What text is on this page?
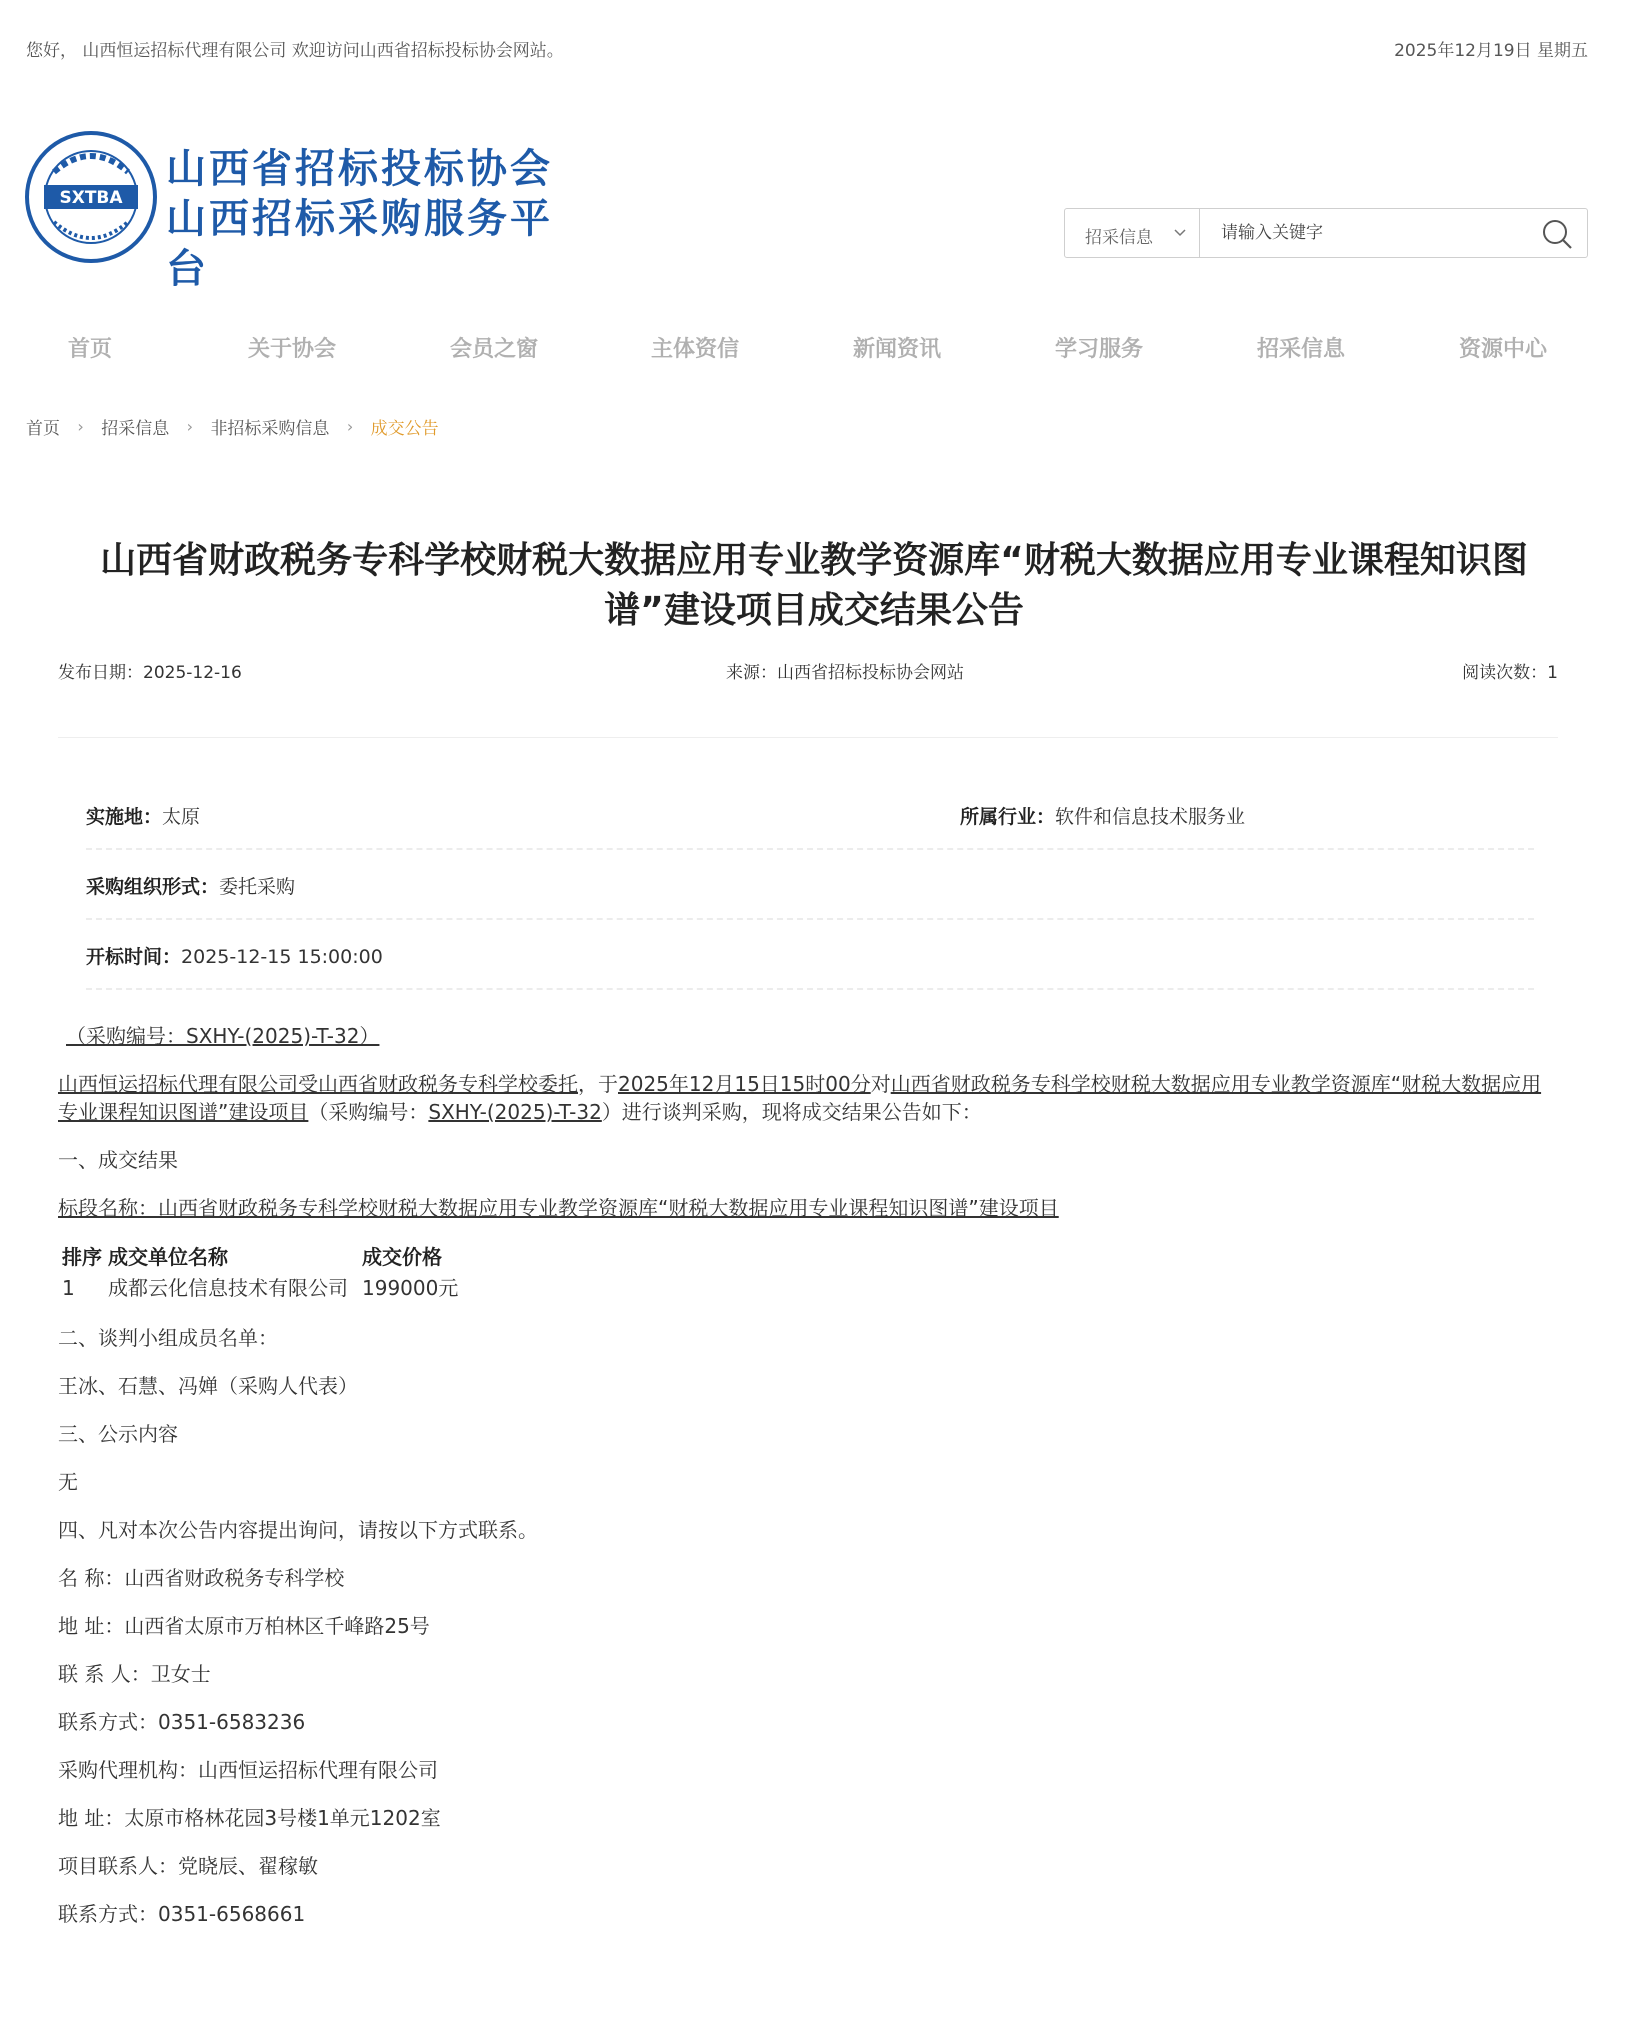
您好， 山西恒运招标代理有限公司 欢迎访问山西省招标投标协会网站。	2025年12月19日 星期五
SXTBA
山西省招标投标协会
山西招标采购服务平台
招采信息
请输入关键字
首页	关于协会	会员之窗	主体资信	新闻资讯	学习服务	招采信息	资源中心
首页 › 招采信息 › 非招标采购信息 › 成交公告
山西省财政税务专科学校财税大数据应用专业教学资源库“财税大数据应用专业课程知识图谱”建设项目成交结果公告
发布日期：2025-12-16	来源：山西省招标投标协会网站	阅读次数：1
实施地：太原	所属行业：软件和信息技术服务业
采购组织形式：委托采购
开标时间：2025-12-15 15:00:00

（采购编号：SXHY-(2025)-T-32）

山西恒运招标代理有限公司受山西省财政税务专科学校委托，于2025年12月15日15时00分对山西省财政税务专科学校财税大数据应用专业教学资源库“财税大数据应用专业课程知识图谱”建设项目（采购编号：SXHY-(2025)-T-32）进行谈判采购，现将成交结果公告如下：

一、成交结果

标段名称：山西省财政税务专科学校财税大数据应用专业教学资源库“财税大数据应用专业课程知识图谱”建设项目

排序	成交单位名称	成交价格
1	成都云化信息技术有限公司	199000元

二、谈判小组成员名单：

王冰、石慧、冯婵（采购人代表）

三、公示内容

无

四、凡对本次公告内容提出询问，请按以下方式联系。

名 称：山西省财政税务专科学校

地 址：山西省太原市万柏林区千峰路25号

联 系 人：卫女士

联系方式：0351-6583236

采购代理机构：山西恒运招标代理有限公司

地 址：太原市格林花园3号楼1单元1202室

项目联系人：党晓辰、翟稼敏

联系方式：0351-6568661
